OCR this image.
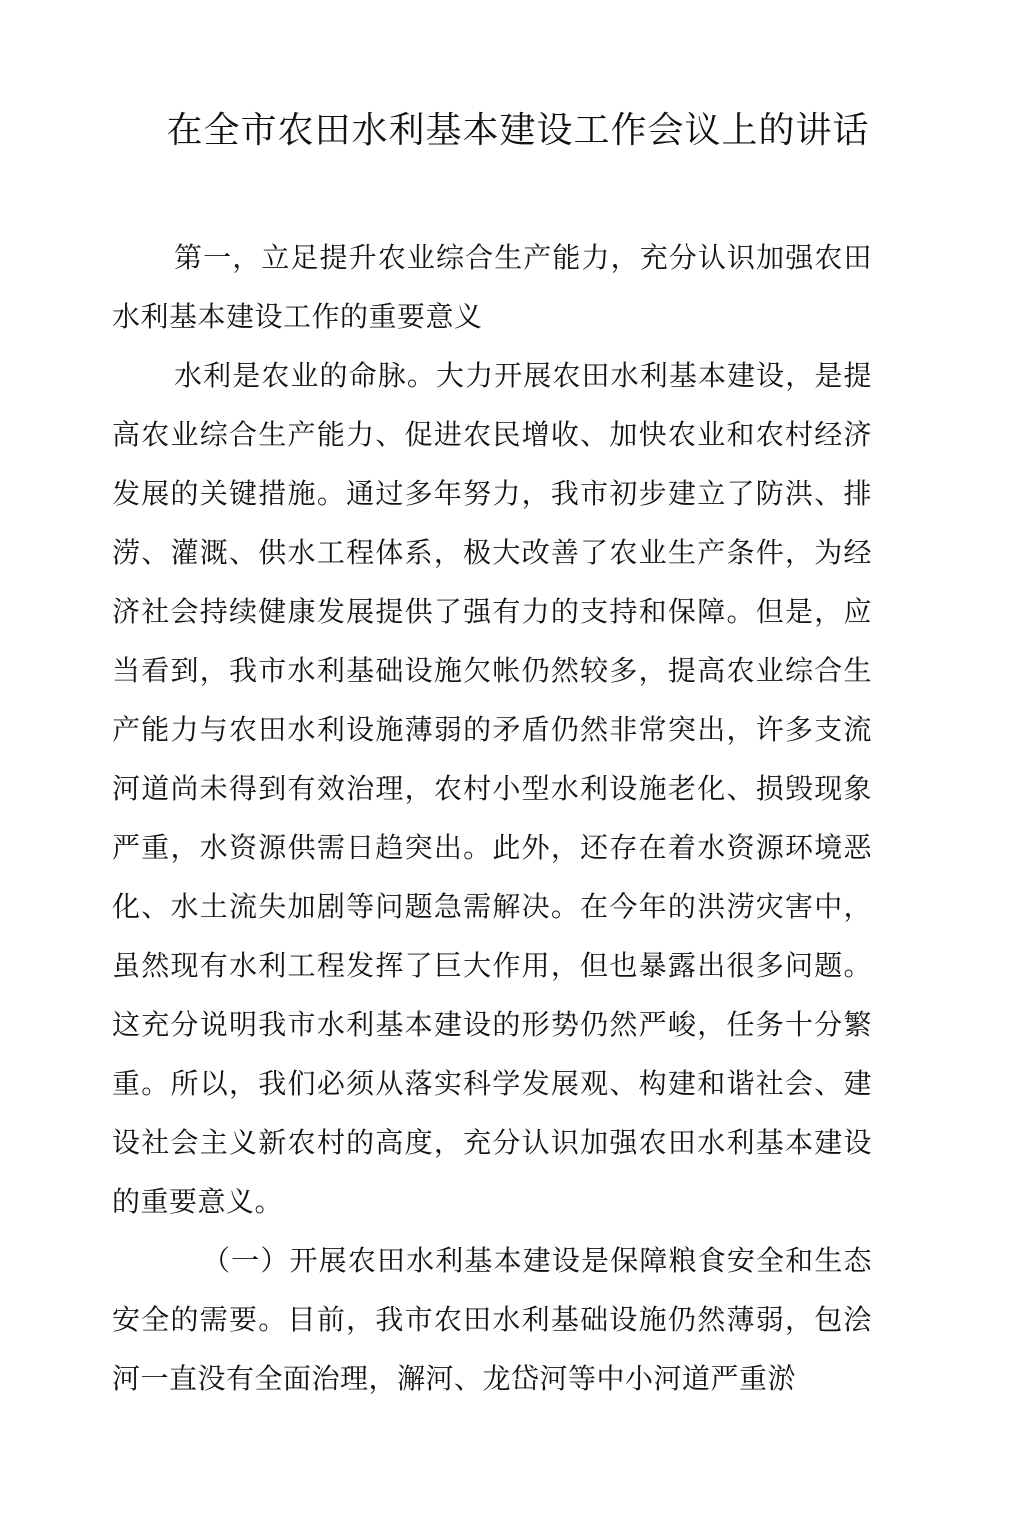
在全市农田水利基本建设工作会议上的讲话

第一，立足提升农业综合生产能力，充分认识加强农田水利基本建设工作的重要意义

水利是农业的命脉。大力开展农田水利基本建设，是提高农业综合生产能力、促进农民增收、加快农业和农村经济发展的关键措施。通过多年努力，我市初步建立了防洪、排涝、灌溉、供水工程体系，极大改善了农业生产条件，为经济社会持续健康发展提供了强有力的支持和保障。但是，应当看到，我市水利基础设施欠帐仍然较多，提高农业综合生产能力与农田水利设施薄弱的矛盾仍然非常突出，许多支流河道尚未得到有效治理，农村小型水利设施老化、损毁现象严重，水资源供需日趋突出。此外，还存在着水资源环境恶化、水土流失加剧等问题急需解决。在今年的洪涝灾害中，虽然现有水利工程发挥了巨大作用，但也暴露出很多问题。这充分说明我市水利基本建设的形势仍然严峻，任务十分繁重。所以，我们必须从落实科学发展观、构建和谐社会、建设社会主义新农村的高度，充分认识加强农田水利基本建设的重要意义。

（一）开展农田水利基本建设是保障粮食安全和生态安全的需要。目前，我市农田水利基础设施仍然薄弱，包浍河一直没有全面治理，澥河、龙岱河等中小河道严重淤
